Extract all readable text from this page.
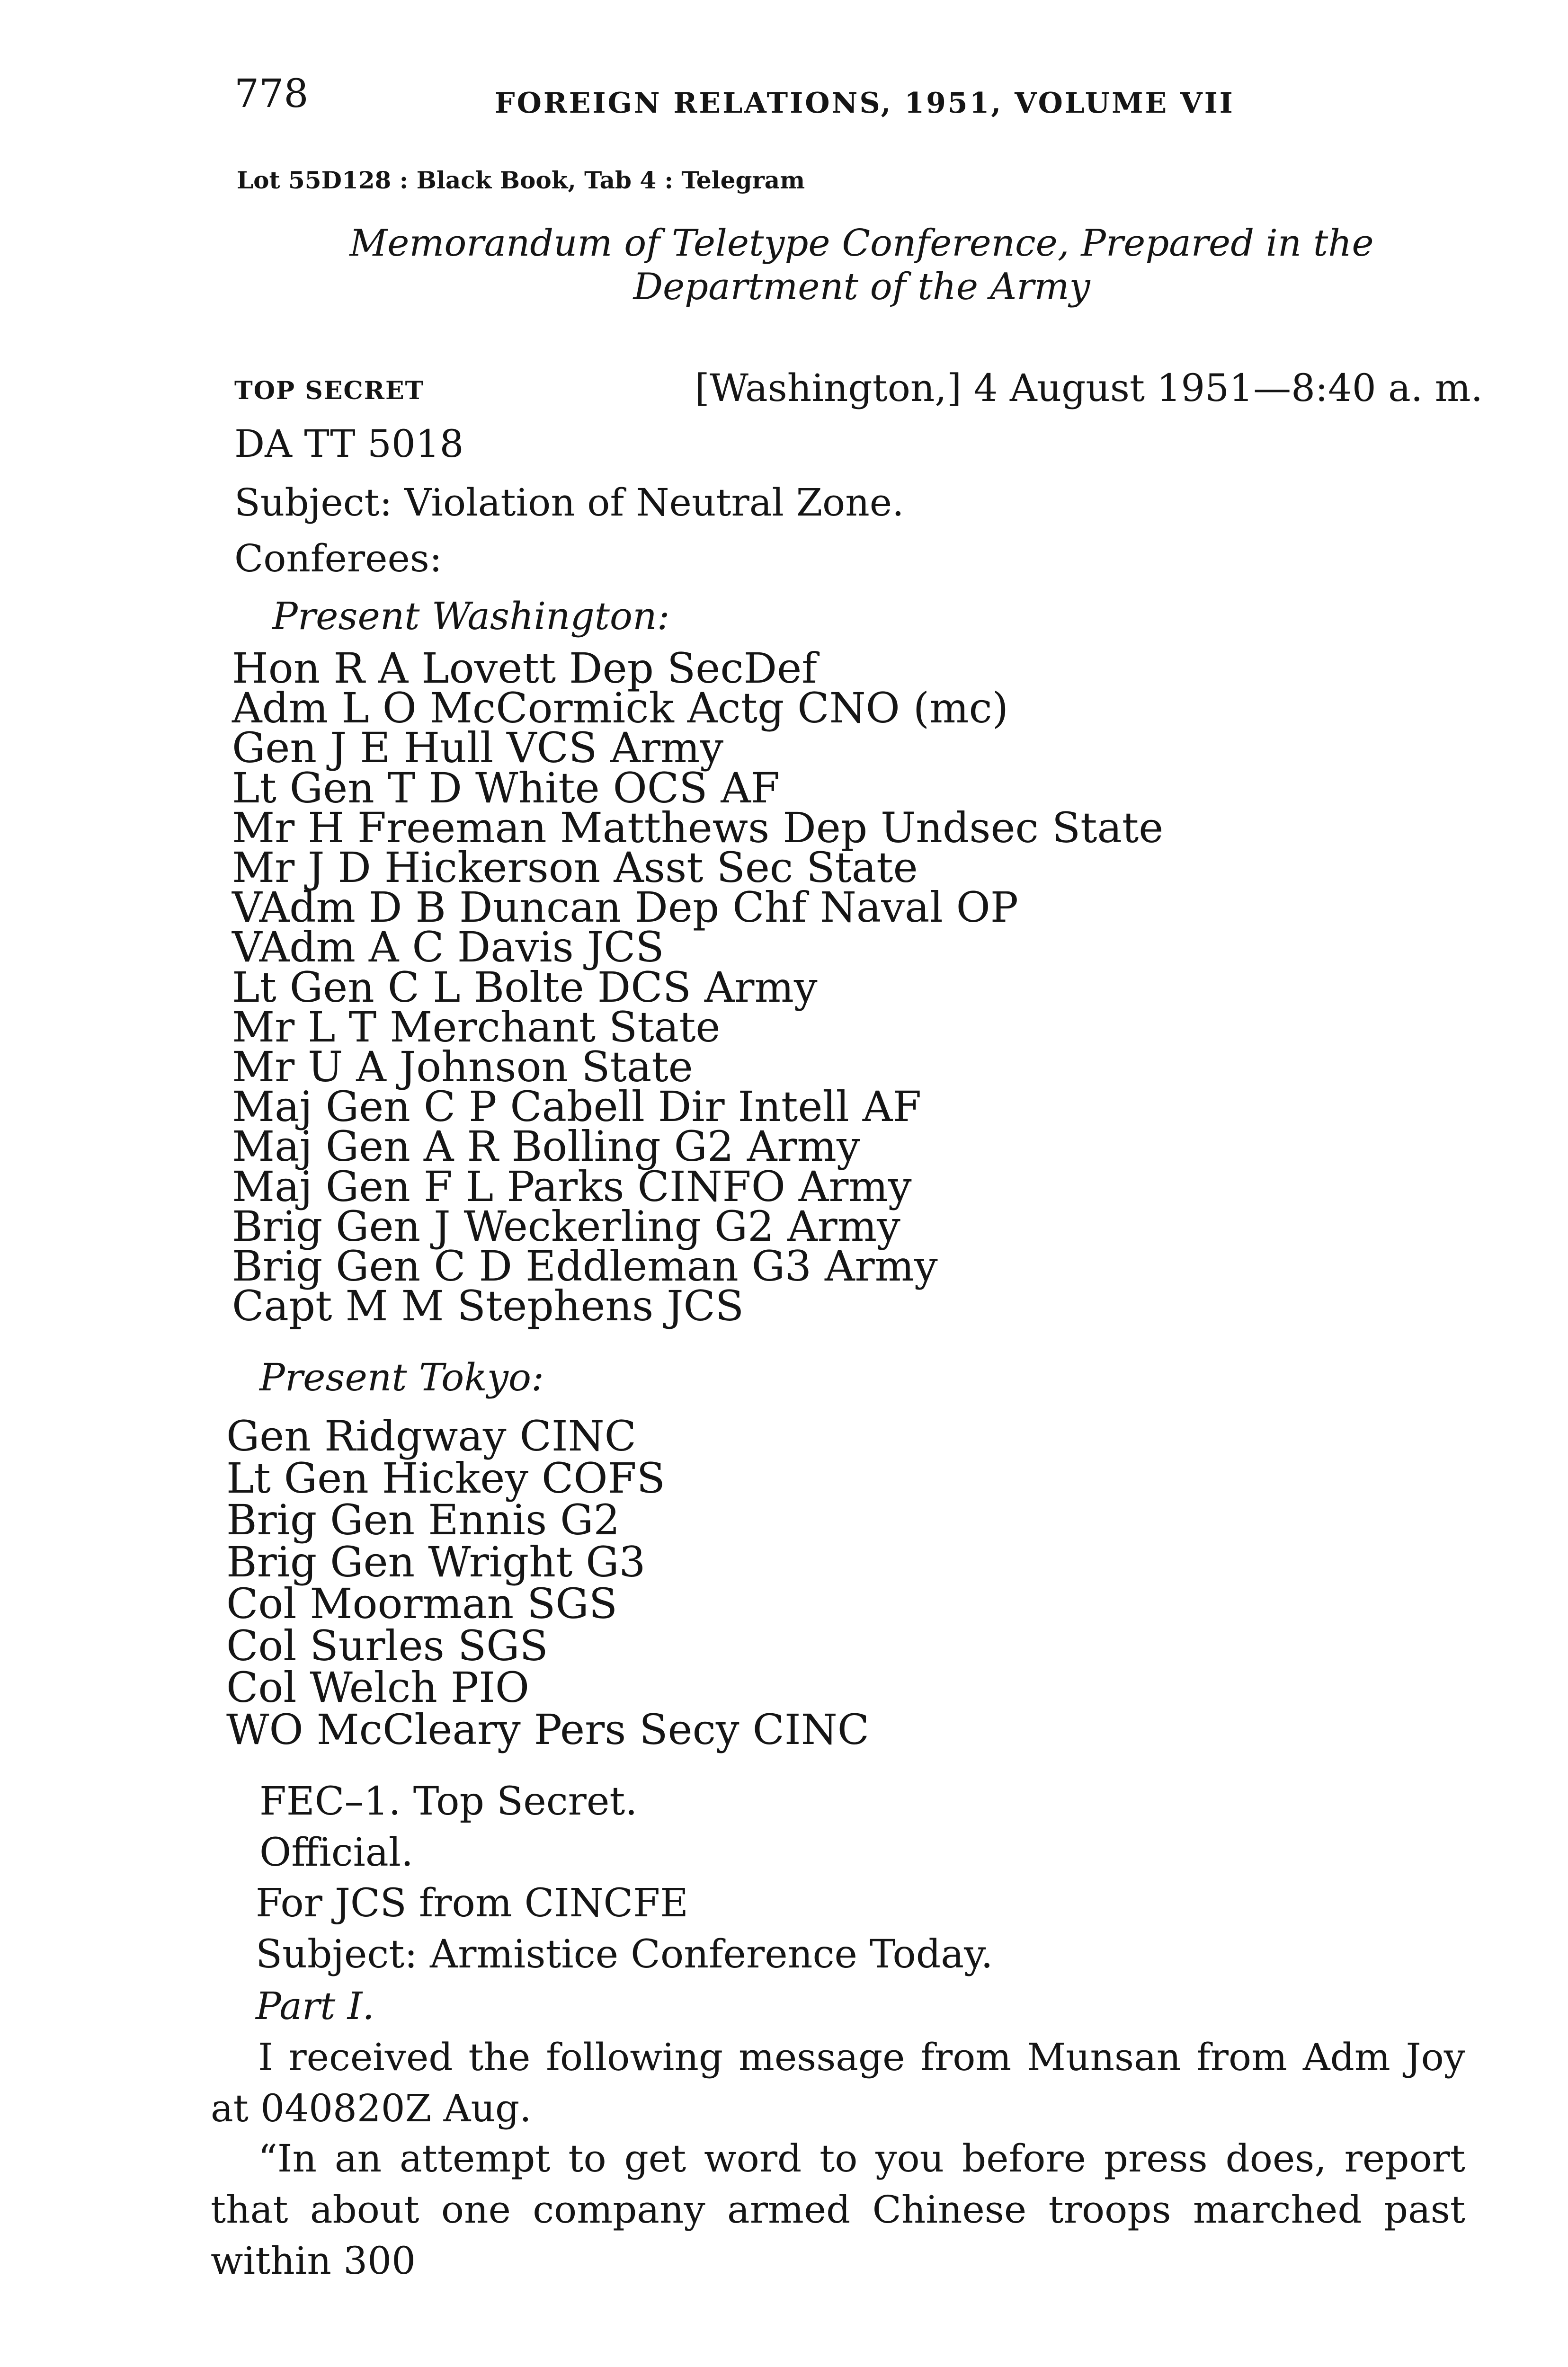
778	FOREIGN RELATIONS, 1951, VOLUME VII
Lot 55D128 : Black Book, Tab 4 : Telegram
Memorandum of Teletype Conference, Prepared in the Department of the Army
TOP SECRET	[Washington,] 4 August 1951—8:40 a. m.
DA TT 5018
Subject: Violation of Neutral Zone.
Conferees:
Present Washington:
Hon R A Lovett Dep SecDef
Adm L O McCormick Actg CNO (mc)
Gen J E Hull VCS Army
Lt Gen T D White OCS AF
Mr H Freeman Matthews Dep Undsec State
Mr J D Hickerson Asst Sec State
VAdm D B Duncan Dep Chf Naval OP
VAdm A C Davis JCS
Lt Gen C L Bolte DCS Army
Mr L T Merchant State
Mr U A Johnson State
Maj Gen C P Cabell Dir Intell AF
Maj Gen A R Bolling G2 Army
Maj Gen F L Parks CINFO Army
Brig Gen J Weckerling G2 Army
Brig Gen C D Eddleman G3 Army
Capt M M Stephens JCS
Present Tokyo:
Gen Ridgway CINC
Lt Gen Hickey COFS
Brig Gen Ennis G2
Brig Gen Wright G3
Col Moorman SGS
Col Surles SGS
Col Welch PIO
WO McCleary Pers Secy CINC
FEC–1. Top Secret.
Official.
For JCS from CINCFE
Subject: Armistice Conference Today.
Part I.
I received the following message from Munsan from Adm Joy at 040820Z Aug.
“In an attempt to get word to you before press does, report that about one company armed Chinese troops marched past within 300
